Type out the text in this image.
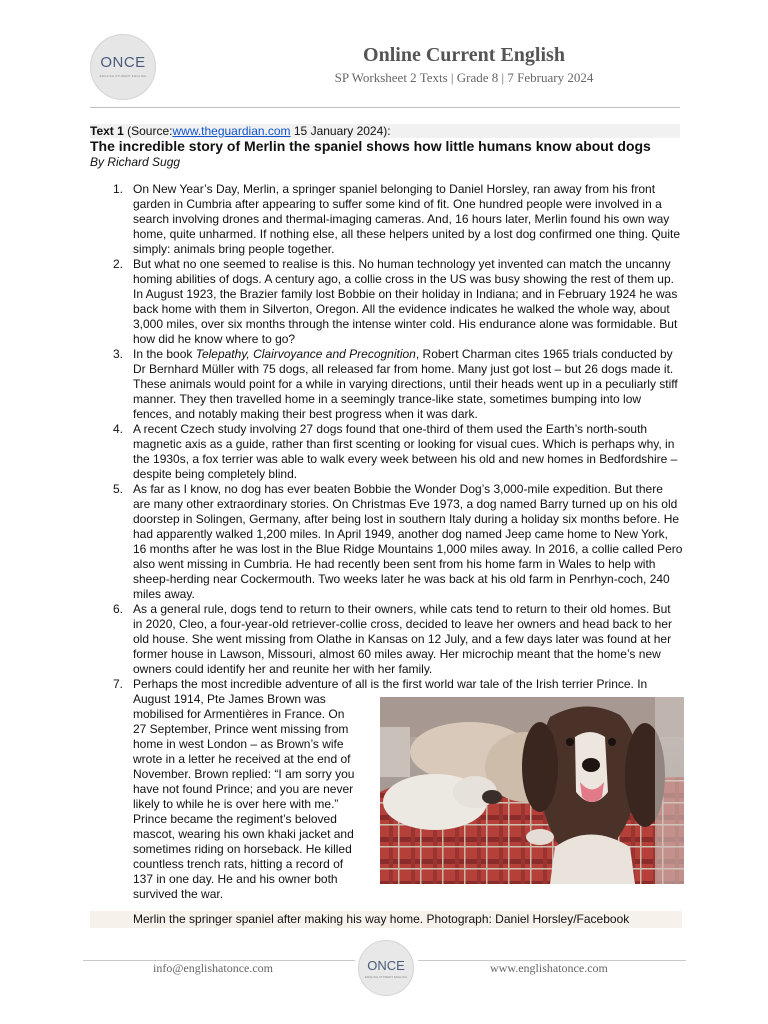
ONCE
ENGLISH STUDENT ENGLISH
Online Current English
SP Worksheet 2 Texts | Grade 8 | 7 February 2024
Text 1 (Source:www.theguardian.com 15 January 2024):
The incredible story of Merlin the spaniel shows how little humans know about dogs
By Richard Sugg
1. On New Year’s Day, Merlin, a springer spaniel belonging to Daniel Horsley, ran away from his front garden in Cumbria after appearing to suffer some kind of fit. One hundred people were involved in a search involving drones and thermal-imaging cameras. And, 16 hours later, Merlin found his own way home, quite unharmed. If nothing else, all these helpers united by a lost dog confirmed one thing. Quite simply: animals bring people together.
2. But what no one seemed to realise is this. No human technology yet invented can match the uncanny homing abilities of dogs. A century ago, a collie cross in the US was busy showing the rest of them up. In August 1923, the Brazier family lost Bobbie on their holiday in Indiana; and in February 1924 he was back home with them in Silverton, Oregon. All the evidence indicates he walked the whole way, about 3,000 miles, over six months through the intense winter cold. His endurance alone was formidable. But how did he know where to go?
3. In the book Telepathy, Clairvoyance and Precognition, Robert Charman cites 1965 trials conducted by Dr Bernhard Müller with 75 dogs, all released far from home. Many just got lost – but 26 dogs made it. These animals would point for a while in varying directions, until their heads went up in a peculiarly stiff manner. They then travelled home in a seemingly trance-like state, sometimes bumping into low fences, and notably making their best progress when it was dark.
4. A recent Czech study involving 27 dogs found that one-third of them used the Earth’s north-south magnetic axis as a guide, rather than first scenting or looking for visual cues. Which is perhaps why, in the 1930s, a fox terrier was able to walk every week between his old and new homes in Bedfordshire – despite being completely blind.
5. As far as I know, no dog has ever beaten Bobbie the Wonder Dog’s 3,000-mile expedition. But there are many other extraordinary stories. On Christmas Eve 1973, a dog named Barry turned up on his old doorstep in Solingen, Germany, after being lost in southern Italy during a holiday six months before. He had apparently walked 1,200 miles. In April 1949, another dog named Jeep came home to New York, 16 months after he was lost in the Blue Ridge Mountains 1,000 miles away. In 2016, a collie called Pero also went missing in Cumbria. He had recently been sent from his home farm in Wales to help with sheep-herding near Cockermouth. Two weeks later he was back at his old farm in Penrhyn-coch, 240 miles away.
6. As a general rule, dogs tend to return to their owners, while cats tend to return to their old homes. But in 2020, Cleo, a four-year-old retriever-collie cross, decided to leave her owners and head back to her old house. She went missing from Olathe in Kansas on 12 July, and a few days later was found at her former house in Lawson, Missouri, almost 60 miles away. Her microchip meant that the home’s new owners could identify her and reunite her with her family.
7. Perhaps the most incredible adventure of all is the first world war tale of the Irish terrier Prince. In
August 1914, Pte James Brown was
mobilised for Armentières in France. On
27 September, Prince went missing from
home in west London – as Brown’s wife
wrote in a letter he received at the end of
November. Brown replied: “I am sorry you
have not found Prince; and you are never
likely to while he is over here with me.”
Prince became the regiment’s beloved
mascot, wearing his own khaki jacket and
sometimes riding on horseback. He killed
countless trench rats, hitting a record of
137 in one day. He and his owner both
survived the war.
Merlin the springer spaniel after making his way home. Photograph: Daniel Horsley/Facebook
info@englishatonce.com	ONCE
ENGLISH STUDENT ENGLISH
www.englishatonce.com
